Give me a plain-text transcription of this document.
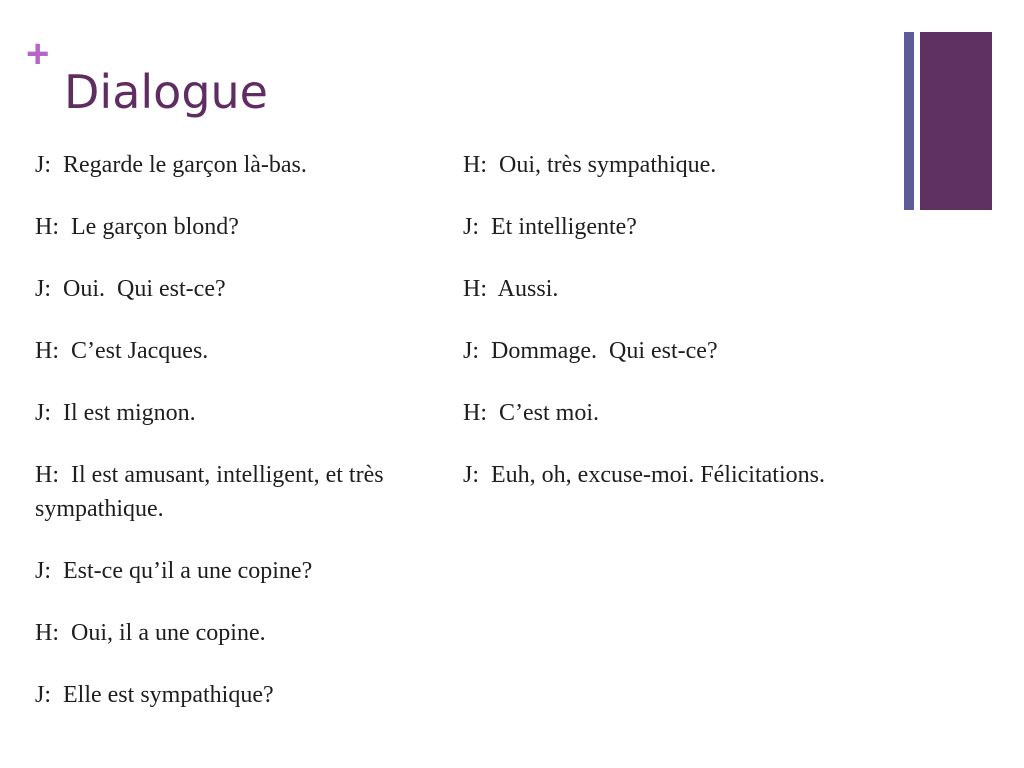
+
Dialogue

J:  Regarde le garçon là-bas.

H:  Le garçon blond?

J:  Oui.  Qui est-ce?

H:  C’est Jacques.

J:  Il est mignon.

H:  Il est amusant, intelligent, et très sympathique.

J:  Est-ce qu’il a une copine?

H:  Oui, il a une copine.

J:  Elle est sympathique?

H:  Oui, très sympathique.

J:  Et intelligente?

H:  Aussi.

J:  Dommage.  Qui est-ce?

H:  C’est moi.

J:  Euh, oh, excuse-moi. Félicitations.
